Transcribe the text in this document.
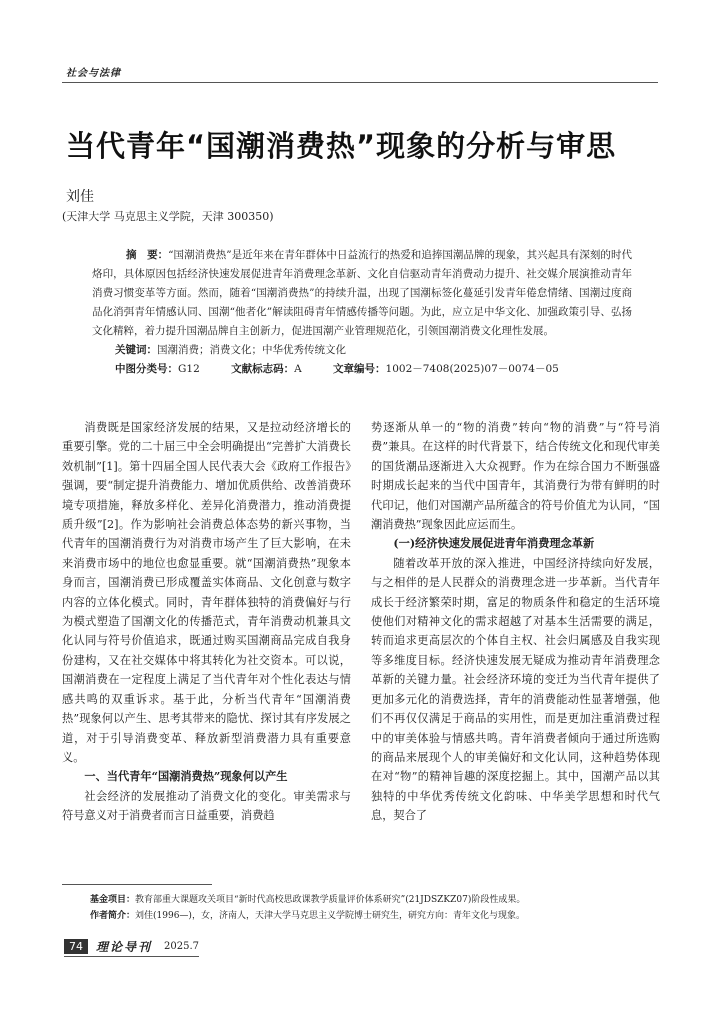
社会与法律
当代青年“国潮消费热”现象的分析与审思
刘佳
(天津大学 马克思主义学院，天津 300350)

摘　要：“国潮消费热”是近年来在青年群体中日益流行的热爱和追捧国潮品牌的现象，其兴起具有深刻的时代烙印，具体原因包括经济快速发展促进青年消费理念革新、文化自信驱动青年消费动力提升、社交媒介展演推动青年消费习惯变革等方面。然而，随着“国潮消费热”的持续升温，出现了国潮标签化蔓延引发青年倦怠情绪、国潮过度商品化消弭青年情感认同、国潮“他者化”解读阻碍青年情感传播等问题。为此，应立足中华文化、加强政策引导、弘扬文化精粹，着力提升国潮品牌自主创新力，促进国潮产业管理规范化，引领国潮消费文化理性发展。

关键词：国潮消费；消费文化；中华优秀传统文化

中图分类号：G12	文献标志码：A	文章编号：1002－7408(2025)07－0074－05

消费既是国家经济发展的结果，又是拉动经济增长的重要引擎。党的二十届三中全会明确提出“完善扩大消费长效机制”[1]。第十四届全国人民代表大会《政府工作报告》强调，要“制定提升消费能力、增加优质供给、改善消费环境专项措施，释放多样化、差异化消费潜力，推动消费提质升级”[2]。作为影响社会消费总体态势的新兴事物，当代青年的国潮消费行为对消费市场产生了巨大影响，在未来消费市场中的地位也愈显重要。就“国潮消费热”现象本身而言，国潮消费已形成覆盖实体商品、文化创意与数字内容的立体化模式。同时，青年群体独特的消费偏好与行为模式塑造了国潮文化的传播范式，青年消费动机兼具文化认同与符号价值追求，既通过购买国潮商品完成自我身份建构，又在社交媒体中将其转化为社交资本。可以说，国潮消费在一定程度上满足了当代青年对个性化表达与情感共鸣的双重诉求。基于此，分析当代青年“国潮消费热”现象何以产生、思考其带来的隐忧、探讨其有序发展之道，对于引导消费变革、释放新型消费潜力具有重要意义。

一、当代青年“国潮消费热”现象何以产生

社会经济的发展推动了消费文化的变化。审美需求与符号意义对于消费者而言日益重要，消费趋

势逐渐从单一的“物的消费”转向“物的消费”与“符号消费”兼具。在这样的时代背景下，结合传统文化和现代审美的国货潮品逐渐进入大众视野。作为在综合国力不断强盛时期成长起来的当代中国青年，其消费行为带有鲜明的时代印记，他们对国潮产品所蕴含的符号价值尤为认同，“国潮消费热”现象因此应运而生。

(一)经济快速发展促进青年消费理念革新

随着改革开放的深入推进，中国经济持续向好发展，与之相伴的是人民群众的消费理念进一步革新。当代青年成长于经济繁荣时期，富足的物质条件和稳定的生活环境使他们对精神文化的需求超越了对基本生活需要的满足，转而追求更高层次的个体自主权、社会归属感及自我实现等多维度目标。经济快速发展无疑成为推动青年消费理念革新的关键力量。社会经济环境的变迁为当代青年提供了更加多元化的消费选择，青年的消费能动性显著增强，他们不再仅仅满足于商品的实用性，而是更加注重消费过程中的审美体验与情感共鸣。青年消费者倾向于通过所选购的商品来展现个人的审美偏好和文化认同，这种趋势体现在对“物”的精神旨趣的深度挖掘上。其中，国潮产品以其独特的中华优秀传统文化韵味、中华美学思想和时代气息，契合了

基金项目：教育部重大课题攻关项目“新时代高校思政课教学质量评价体系研究”(21JDSZKZ07)阶段性成果。
作者简介：刘佳(1996—)，女，济南人，天津大学马克思主义学院博士研究生，研究方向：青年文化与现象。
74	理论导刊 2025.7
